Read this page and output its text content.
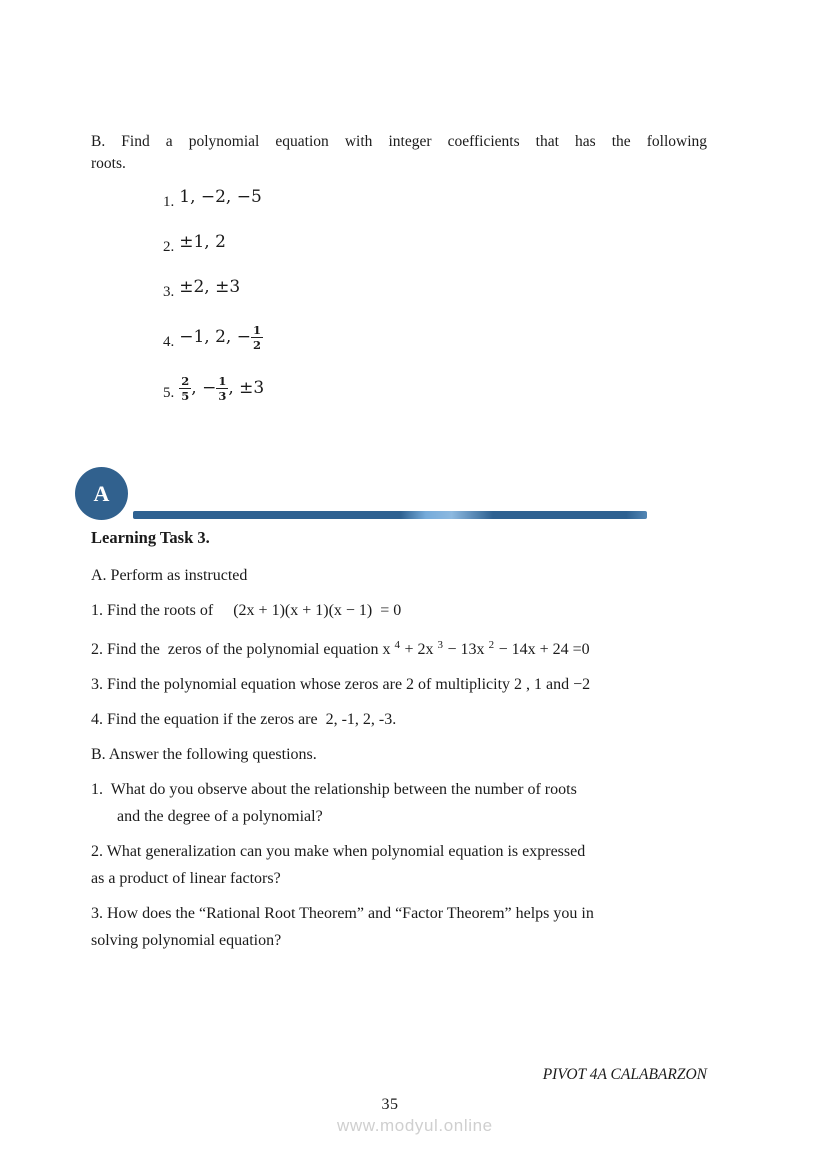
B. Find a polynomial equation with integer coefficients that has the following
roots.

1. 1, −2, −5
2. ±1, 2
3. ±2, ±3
4. −1, 2, − $\frac{1}{2}$
5. $\frac{2}{5}$ , − $\frac{1}{3}$ , ±3
A
Learning Task 3.

A. Perform as instructed

1. Find the roots of     (2x + 1)(x + 1)(x − 1)  = 0

2. Find the  zeros of the polynomial equation x $^4$ + 2x $^3$ − 13x $^2$ − 14x + 24 =0

3. Find the polynomial equation whose zeros are 2 of multiplicity 2 , 1 and −2

4. Find the equation if the zeros are  2, -1, 2, -3.

B. Answer the following questions.

1.  What do you observe about the relationship between the number of roots
and the degree of a polynomial?

2. What generalization can you make when polynomial equation is expressed
as a product of linear factors?

3. How does the “Rational Root Theorem” and “Factor Theorem” helps you in
solving polynomial equation?

PIVOT 4A CALABARZON
35
www.modyul.online
